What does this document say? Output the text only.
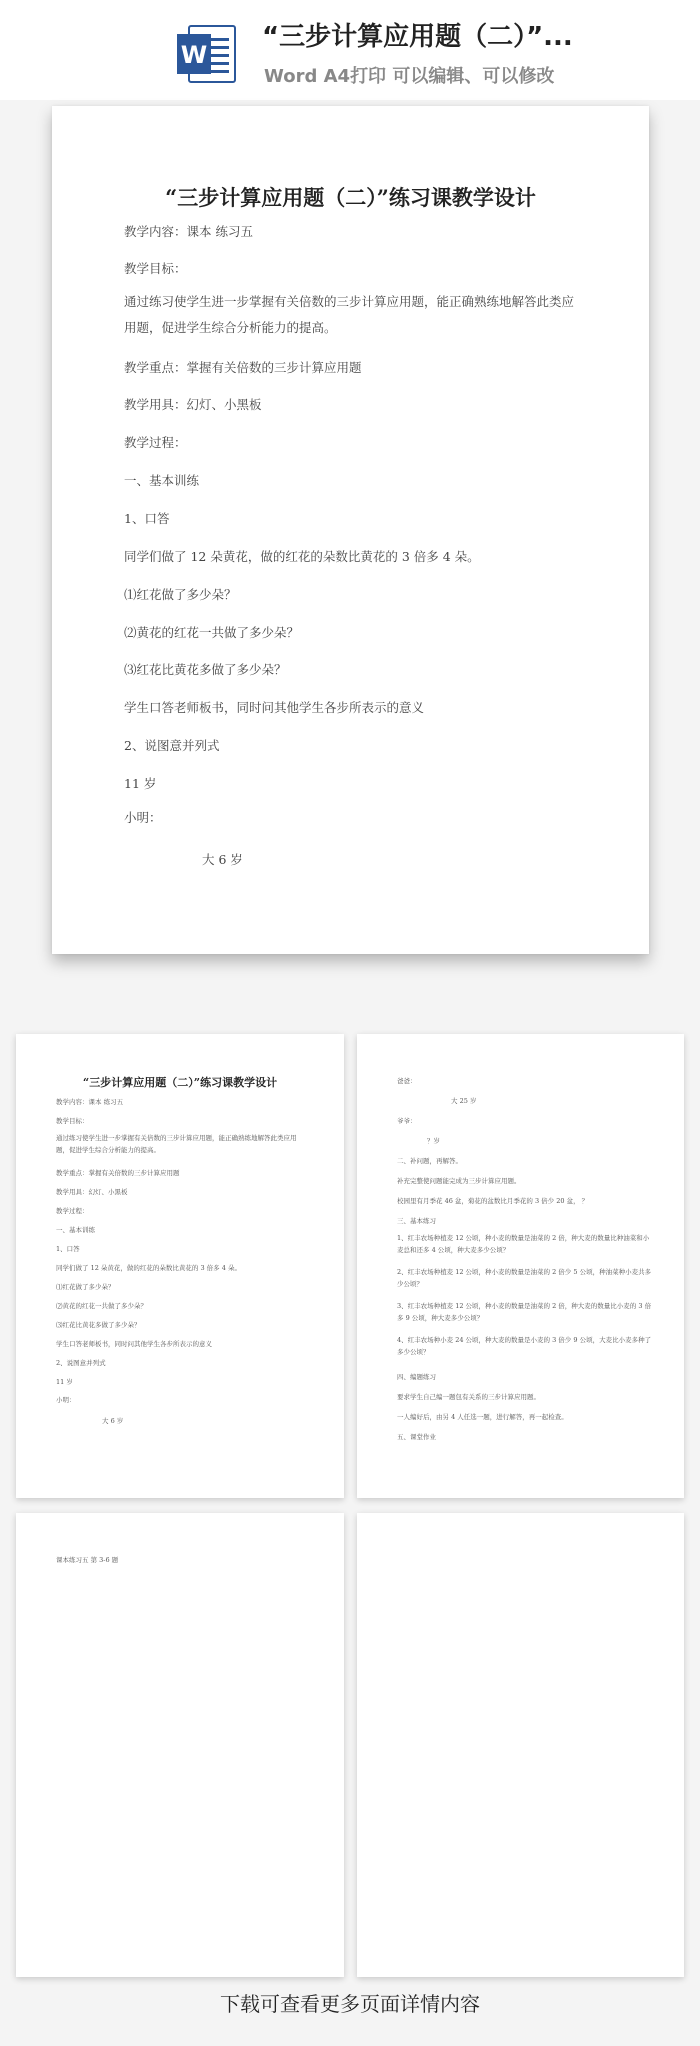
W
“三步计算应用题（二）”...
Word A4打印 可以编辑、可以修改
“三步计算应用题（二）”练习课教学设计
教学内容：课本 练习五
教学目标：
通过练习使学生进一步掌握有关倍数的三步计算应用题，能正确熟练地解答此类应用题，促进学生综合分析能力的提高。
教学重点：掌握有关倍数的三步计算应用题
教学用具：幻灯、小黑板
教学过程：
一、基本训练
1、口答
同学们做了 12 朵黄花，做的红花的朵数比黄花的 3 倍多 4 朵。
⑴红花做了多少朵？
⑵黄花的红花一共做了多少朵？
⑶红花比黄花多做了多少朵？
学生口答老师板书，同时问其他学生各步所表示的意义
2、说图意并列式
11 岁
小明：
大 6 岁
“三步计算应用题（二）”练习课教学设计
教学内容：课本 练习五
教学目标：
通过练习使学生进一步掌握有关倍数的三步计算应用题，能正确熟练地解答此类应用题，促进学生综合分析能力的提高。
教学重点：掌握有关倍数的三步计算应用题
教学用具：幻灯、小黑板
教学过程：
一、基本训练
1、口答
同学们做了 12 朵黄花，做的红花的朵数比黄花的 3 倍多 4 朵。
⑴红花做了多少朵？
⑵黄花的红花一共做了多少朵？
⑶红花比黄花多做了多少朵？
学生口答老师板书，同时问其他学生各步所表示的意义
2、说图意并列式
11 岁
小明：
大 6 岁
爸爸：
大 25 岁
爷爷：
？岁
二、补问题，再解答。
补充完整使问题能完成为三步计算应用题。
校园里有月季花 46 盆，菊花的盆数比月季花的 3 倍少 20 盆， ？
三、基本练习
1、红丰农场种植麦 12 公顷，种小麦的数量是油菜的 2 倍，种大麦的数量比种油菜和小麦总和还多 4 公顷，种大麦多少公顷？
2、红丰农场种植麦 12 公顷，种小麦的数量是油菜的 2 倍少 5 公顷，种油菜种小麦共多少公顷？
3、红丰农场种植麦 12 公顷，种小麦的数量是油菜的 2 倍，种大麦的数量比小麦的 3 倍多 9 公顷，种大麦多少公顷？
4、红丰农场种小麦 24 公顷，种大麦的数量是小麦的 3 倍少 9 公顷，大麦比小麦多种了多少公顷？
四、编题练习
要求学生自己编一题包有关系的三步计算应用题。
一人编好后，由另 4 人任选一题，进行解答，再一起检查。
五、课堂作业
课本练习五 第 3-6 题
下载可查看更多页面详情内容
